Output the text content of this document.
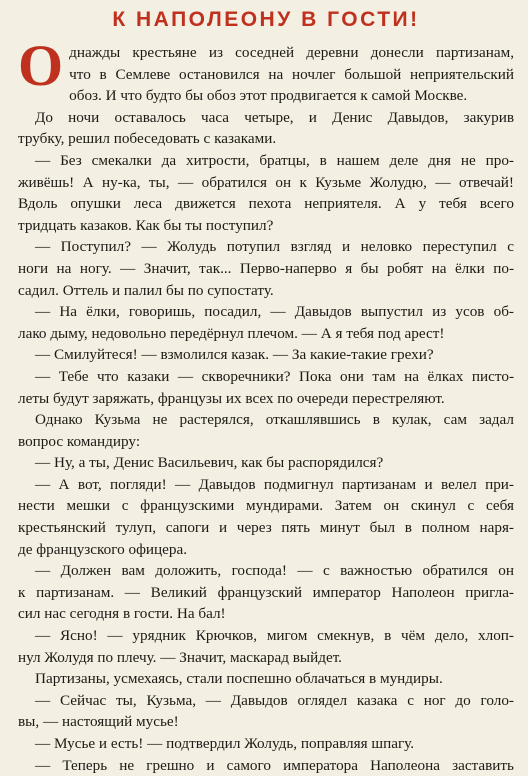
К НАПОЛЕОНУ В ГОСТИ!
О днажды крестьяне из соседней деревни донесли партизанам,
что в Семлеве остановился на ночлег большой неприятельский
обоз. И что будто бы обоз этот продвигается к самой Москве.
До ночи оставалось часа четыре, и Денис Давыдов, закурив
трубку, решил побеседовать с казаками.
— Без смекалки да хитрости, братцы, в нашем деле дня не про-
живёшь! А ну-ка, ты, — обратился он к Кузьме Жолудю, — отвечай!
Вдоль опушки леса движется пехота неприятеля. А у тебя всего
тридцать казаков. Как бы ты поступил?
— Поступил? — Жолудь потупил взгляд и неловко переступил с
ноги на ногу. — Значит, так... Перво-наперво я бы робят на ёлки по-
садил. Оттель и палил бы по супостату.
— На ёлки, говоришь, посадил, — Давыдов выпустил из усов об-
лако дыму, недовольно передёрнул плечом. — А я тебя под арест!
— Смилуйтеся! — взмолился казак. — За какие-такие грехи?
— Тебе что казаки — скворечники? Пока они там на ёлках писто-
леты будут заряжать, французы их всех по очереди перестреляют.
Однако Кузьма не растерялся, откашлявшись в кулак, сам задал
вопрос командиру:
— Ну, а ты, Денис Васильевич, как бы распорядился?
— А вот, погляди! — Давыдов подмигнул партизанам и велел при-
нести мешки с французскими мундирами. Затем он скинул с себя
крестьянский тулуп, сапоги и через пять минут был в полном наря-
де французского офицера.
— Должен вам доложить, господа! — с важностью обратился он
к партизанам. — Великий французский император Наполеон пригла-
сил нас сегодня в гости. На бал!
— Ясно! — урядник Крючков, мигом смекнув, в чём дело, хлоп-
нул Жолудя по плечу. — Значит, маскарад выйдет.
Партизаны, усмехаясь, стали поспешно облачаться в мундиры.
— Сейчас ты, Кузьма, — Давыдов оглядел казака с ног до голо-
вы, — настоящий мусье!
— Мусье и есть! — подтвердил Жолудь, поправляя шпагу.
— Теперь не грешно и самого императора Наполеона заставить
